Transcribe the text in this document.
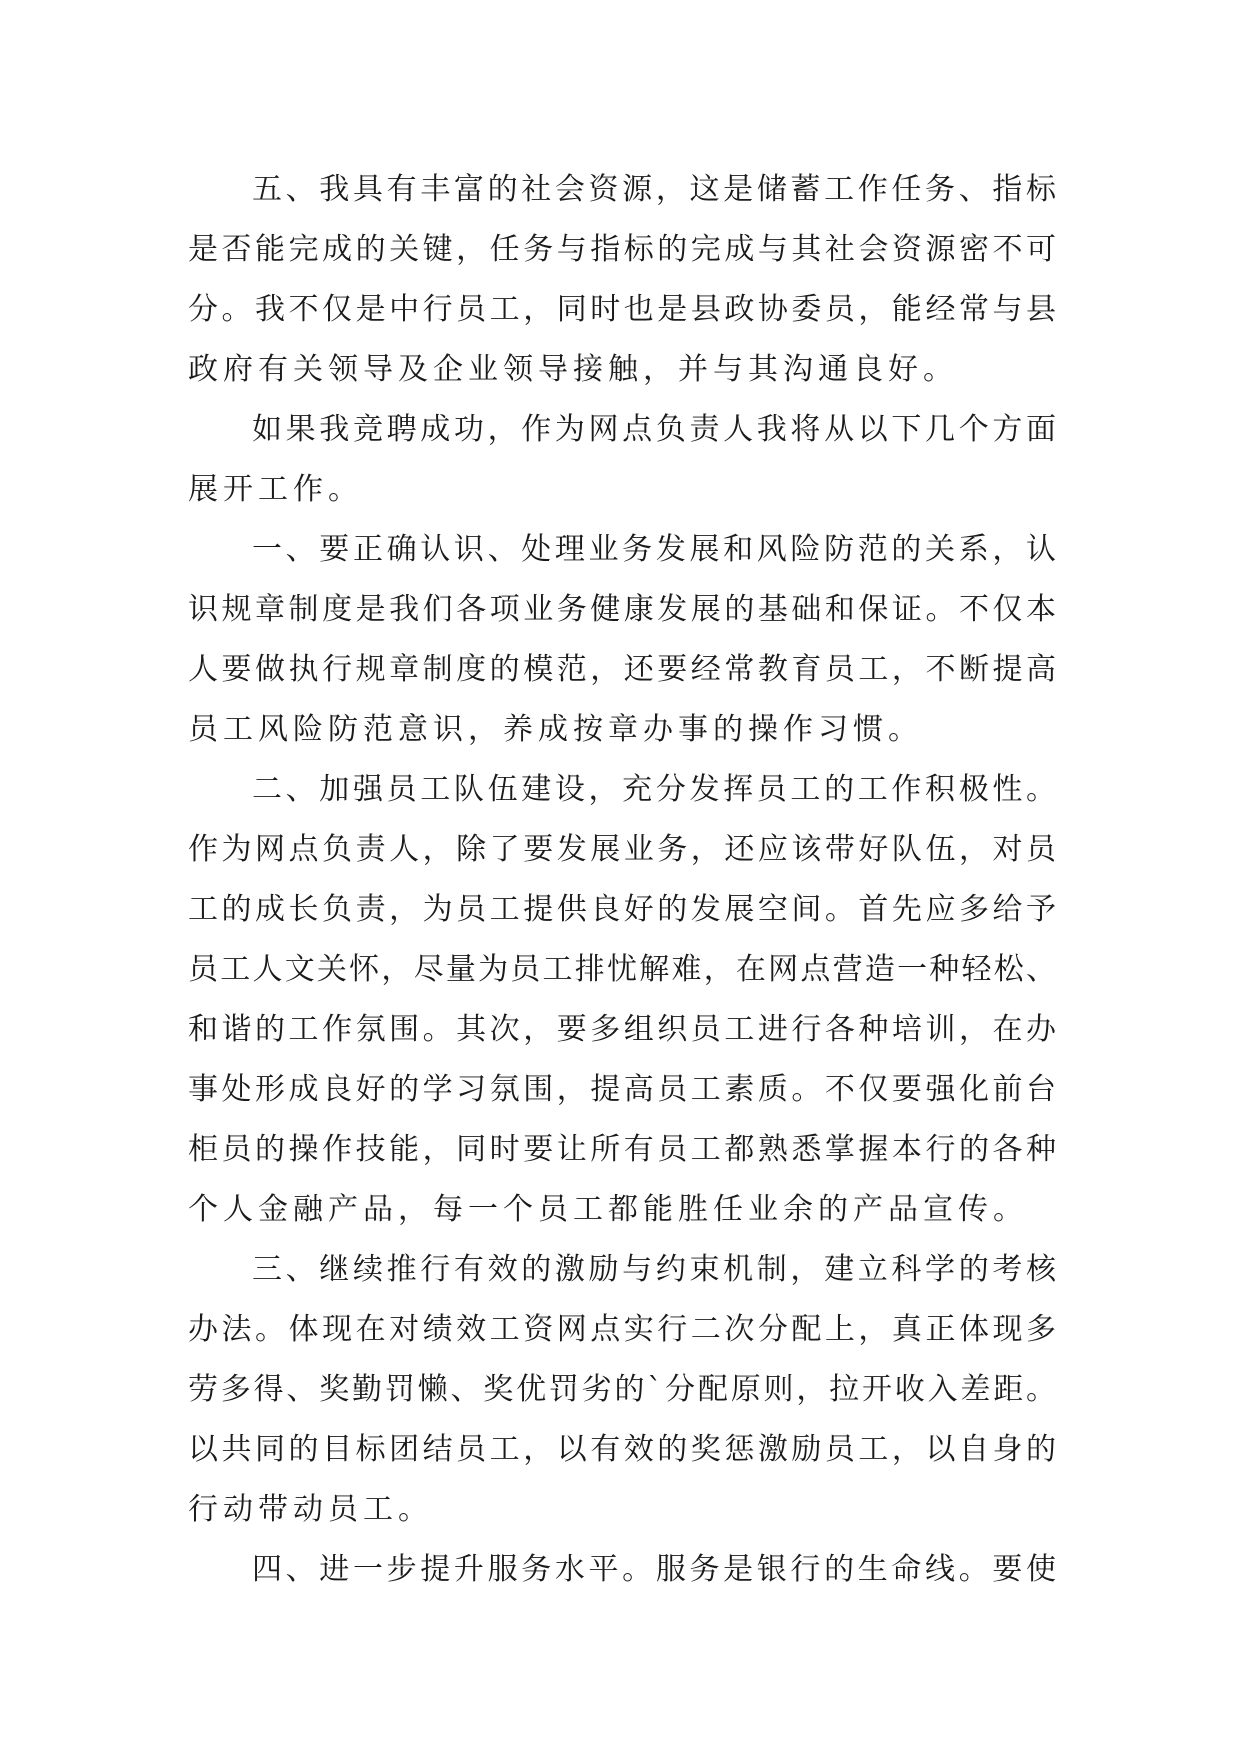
五、我具有丰富的社会资源，这是储蓄工作任务、指标
是否能完成的关键，任务与指标的完成与其社会资源密不可
分。我不仅是中行员工，同时也是县政协委员，能经常与县
政府有关领导及企业领导接触，并与其沟通良好。
如果我竞聘成功，作为网点负责人我将从以下几个方面
展开工作。
一、要正确认识、处理业务发展和风险防范的关系，认
识规章制度是我们各项业务健康发展的基础和保证。不仅本
人要做执行规章制度的模范，还要经常教育员工，不断提高
员工风险防范意识，养成按章办事的操作习惯。
二、加强员工队伍建设，充分发挥员工的工作积极性。
作为网点负责人，除了要发展业务，还应该带好队伍，对员
工的成长负责，为员工提供良好的发展空间。首先应多给予
员工人文关怀，尽量为员工排忧解难，在网点营造一种轻松、
和谐的工作氛围。其次，要多组织员工进行各种培训，在办
事处形成良好的学习氛围，提高员工素质。不仅要强化前台
柜员的操作技能，同时要让所有员工都熟悉掌握本行的各种
个人金融产品，每一个员工都能胜任业余的产品宣传。
三、继续推行有效的激励与约束机制，建立科学的考核
办法。体现在对绩效工资网点实行二次分配上，真正体现多
劳多得、奖勤罚懒、奖优罚劣的`分配原则，拉开收入差距。
以共同的目标团结员工，以有效的奖惩激励员工，以自身的
行动带动员工。
四、进一步提升服务水平。服务是银行的生命线。要使
